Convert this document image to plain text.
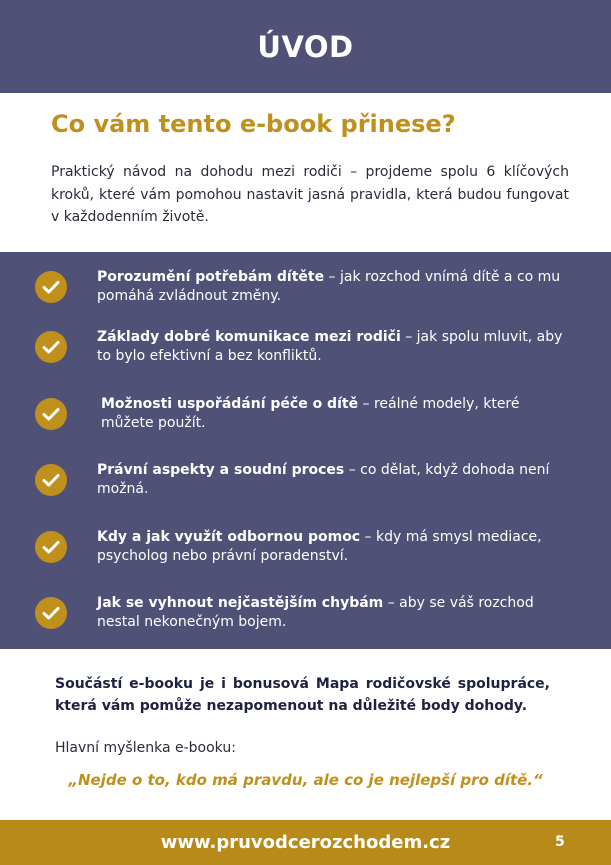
ÚVOD
Co vám tento e-book přinese?

Praktický návod na dohodu mezi rodiči – projdeme spolu 6 klíčových kroků, které vám pomohou nastavit jasná pravidla, která budou fungovat v každodenním životě.

Porozumění potřebám dítěte – jak rozchod vnímá dítě a co mu pomáhá zvládnout změny.

Základy dobré komunikace mezi rodiči – jak spolu mluvit, aby to bylo efektivní a bez konfliktů.

Možnosti uspořádání péče o dítě – reálné modely, které můžete použít.

Právní aspekty a soudní proces – co dělat, když dohoda není možná.

Kdy a jak využít odbornou pomoc – kdy má smysl mediace, psycholog nebo právní poradenství.

Jak se vyhnout nejčastějším chybám – aby se váš rozchod nestal nekonečným bojem.

Součástí e-booku je i bonusová Mapa rodičovské spolupráce, která vám pomůže nezapomenout na důležité body dohody.

Hlavní myšlenka e-booku:

„Nejde o to, kdo má pravdu, ale co je nejlepší pro dítě.“

www.pruvodcerozchodem.cz	5
